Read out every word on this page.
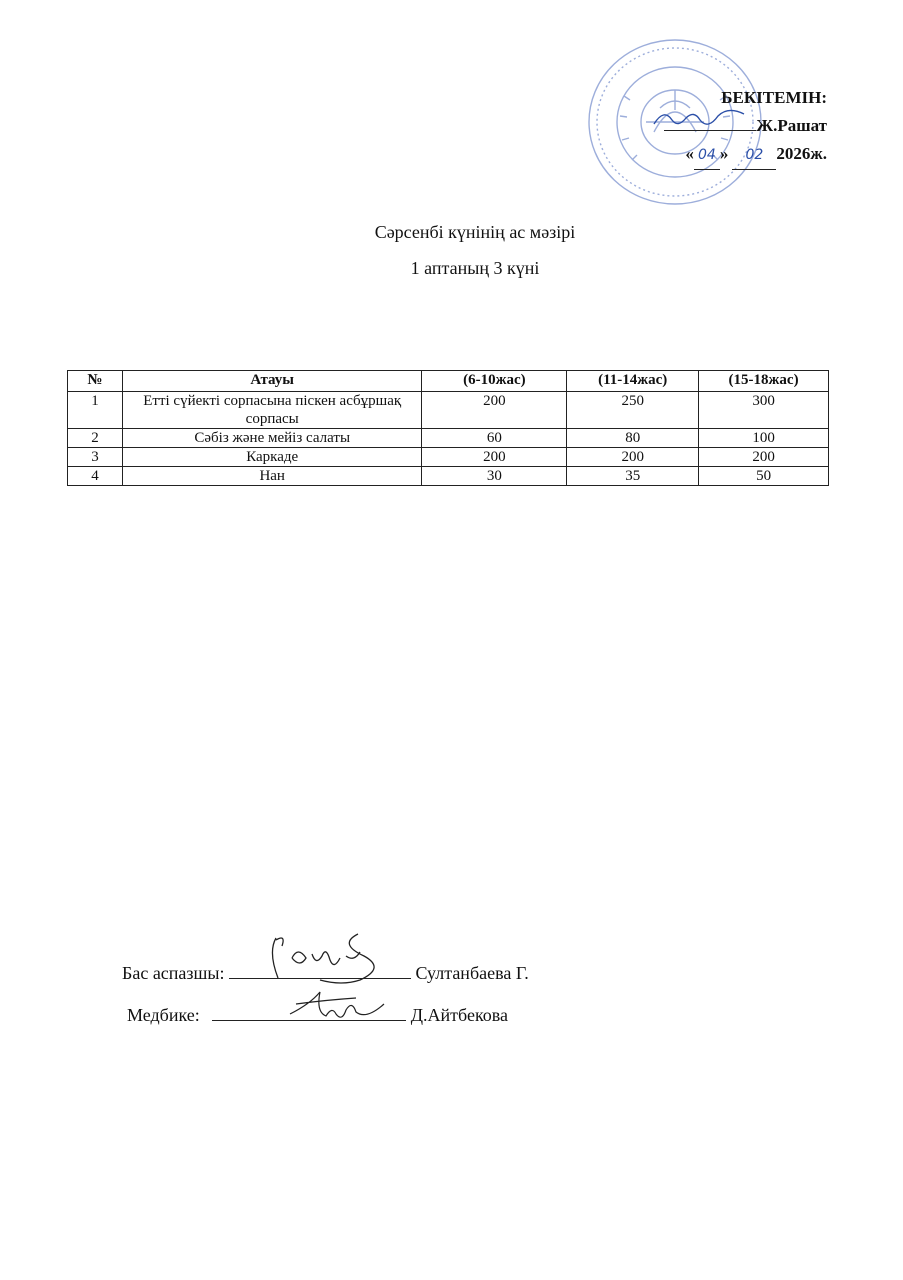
БЕКІТЕМІН:
Ж.Рашат
« 04 » 02 2026ж.
Сәрсенбі күнінің ас мәзірі
1 аптаның 3 күні
№	Атауы	(6-10жас)	(11-14жас)	(15-18жас)
1	Етті сүйекті сорпасына піскен асбұршақ сорпасы	200	250	300
2	Сәбіз және мейіз салаты	60	80	100
3	Каркаде	200	200	200
4	Нан	30	35	50
Бас аспазшы:	Султанбаева Г.
Медбике:	Д.Айтбекова
